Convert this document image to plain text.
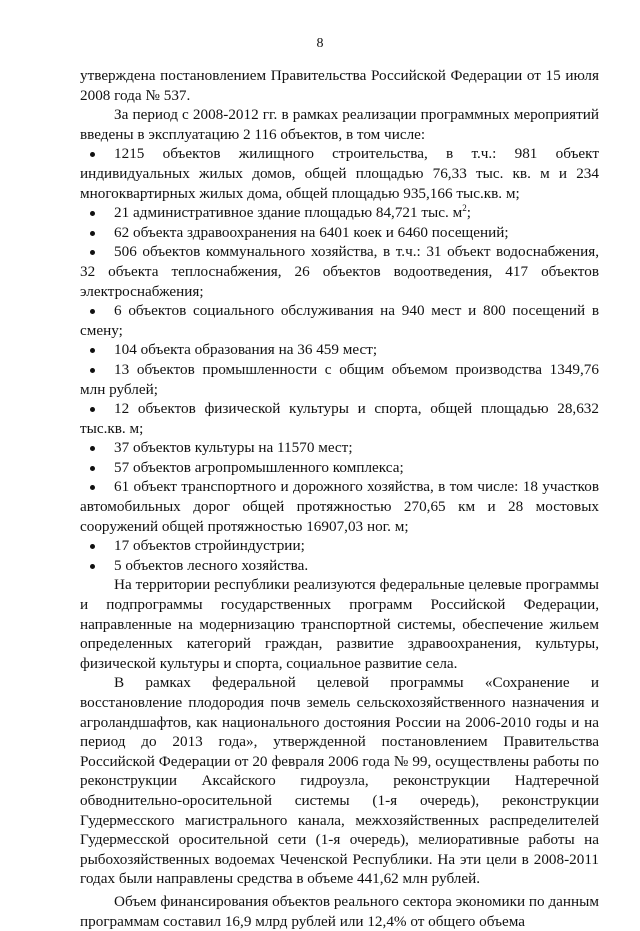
8

утверждена постановлением Правительства Российской Федерации от 15 июля 2008 года № 537.

За период с 2008-2012 гг. в рамках реализации программных мероприятий введены в эксплуатацию 2 116 объектов, в том числе:

1215 объектов жилищного строительства, в т.ч.: 981 объект индивидуальных жилых домов, общей площадью 76,33 тыс. кв. м и 234 многоквартирных жилых дома, общей площадью 935,166 тыс.кв. м;
21 административное здание площадью 84,721 тыс. $м^2$;
62 объекта здравоохранения на 6401 коек и 6460 посещений;
506 объектов коммунального хозяйства, в т.ч.: 31 объект водоснабжения, 32 объекта теплоснабжения, 26 объектов водоотведения, 417 объектов электроснабжения;
6 объектов социального обслуживания на 940 мест и 800 посещений в смену;
104 объекта образования на 36 459 мест;
13 объектов промышленности с общим объемом производства 1349,76 млн рублей;
12 объектов физической культуры и спорта, общей площадью 28,632 тыс.кв. м;
37 объектов культуры на 11570 мест;
57 объектов агропромышленного комплекса;
61 объект транспортного и дорожного хозяйства, в том числе: 18 участков автомобильных дорог общей протяжностью 270,65 км и 28 мостовых сооружений общей протяжностью 16907,03 ног. м;
17 объектов стройиндустрии;
5 объектов лесного хозяйства.

На территории республики реализуются федеральные целевые программы и подпрограммы государственных программ Российской Федерации, направленные на модернизацию транспортной системы, обеспечение жильем определенных категорий граждан, развитие здравоохранения, культуры, физической культуры и спорта, социальное развитие села.

В рамках федеральной целевой программы «Сохранение и восстановление плодородия почв земель сельскохозяйственного назначения и агроландшафтов, как национального достояния России на 2006-2010 годы и на период до 2013 года», утвержденной постановлением Правительства Российской Федерации от 20 февраля 2006 года № 99, осуществлены работы по реконструкции Аксайского гидроузла, реконструкции Надтеречной обводнительно-оросительной системы (1-я очередь), реконструкции Гудермесского магистрального канала, межхозяйственных распределителей Гудермесской оросительной сети (1-я очередь), мелиоративные работы на рыбохозяйственных водоемах Чеченской Республики. На эти цели в 2008-2011 годах были направлены средства в объеме 441,62 млн рублей.

Объем финансирования объектов реального сектора экономики по данным программам составил 16,9 млрд рублей или 12,4% от общего объема
